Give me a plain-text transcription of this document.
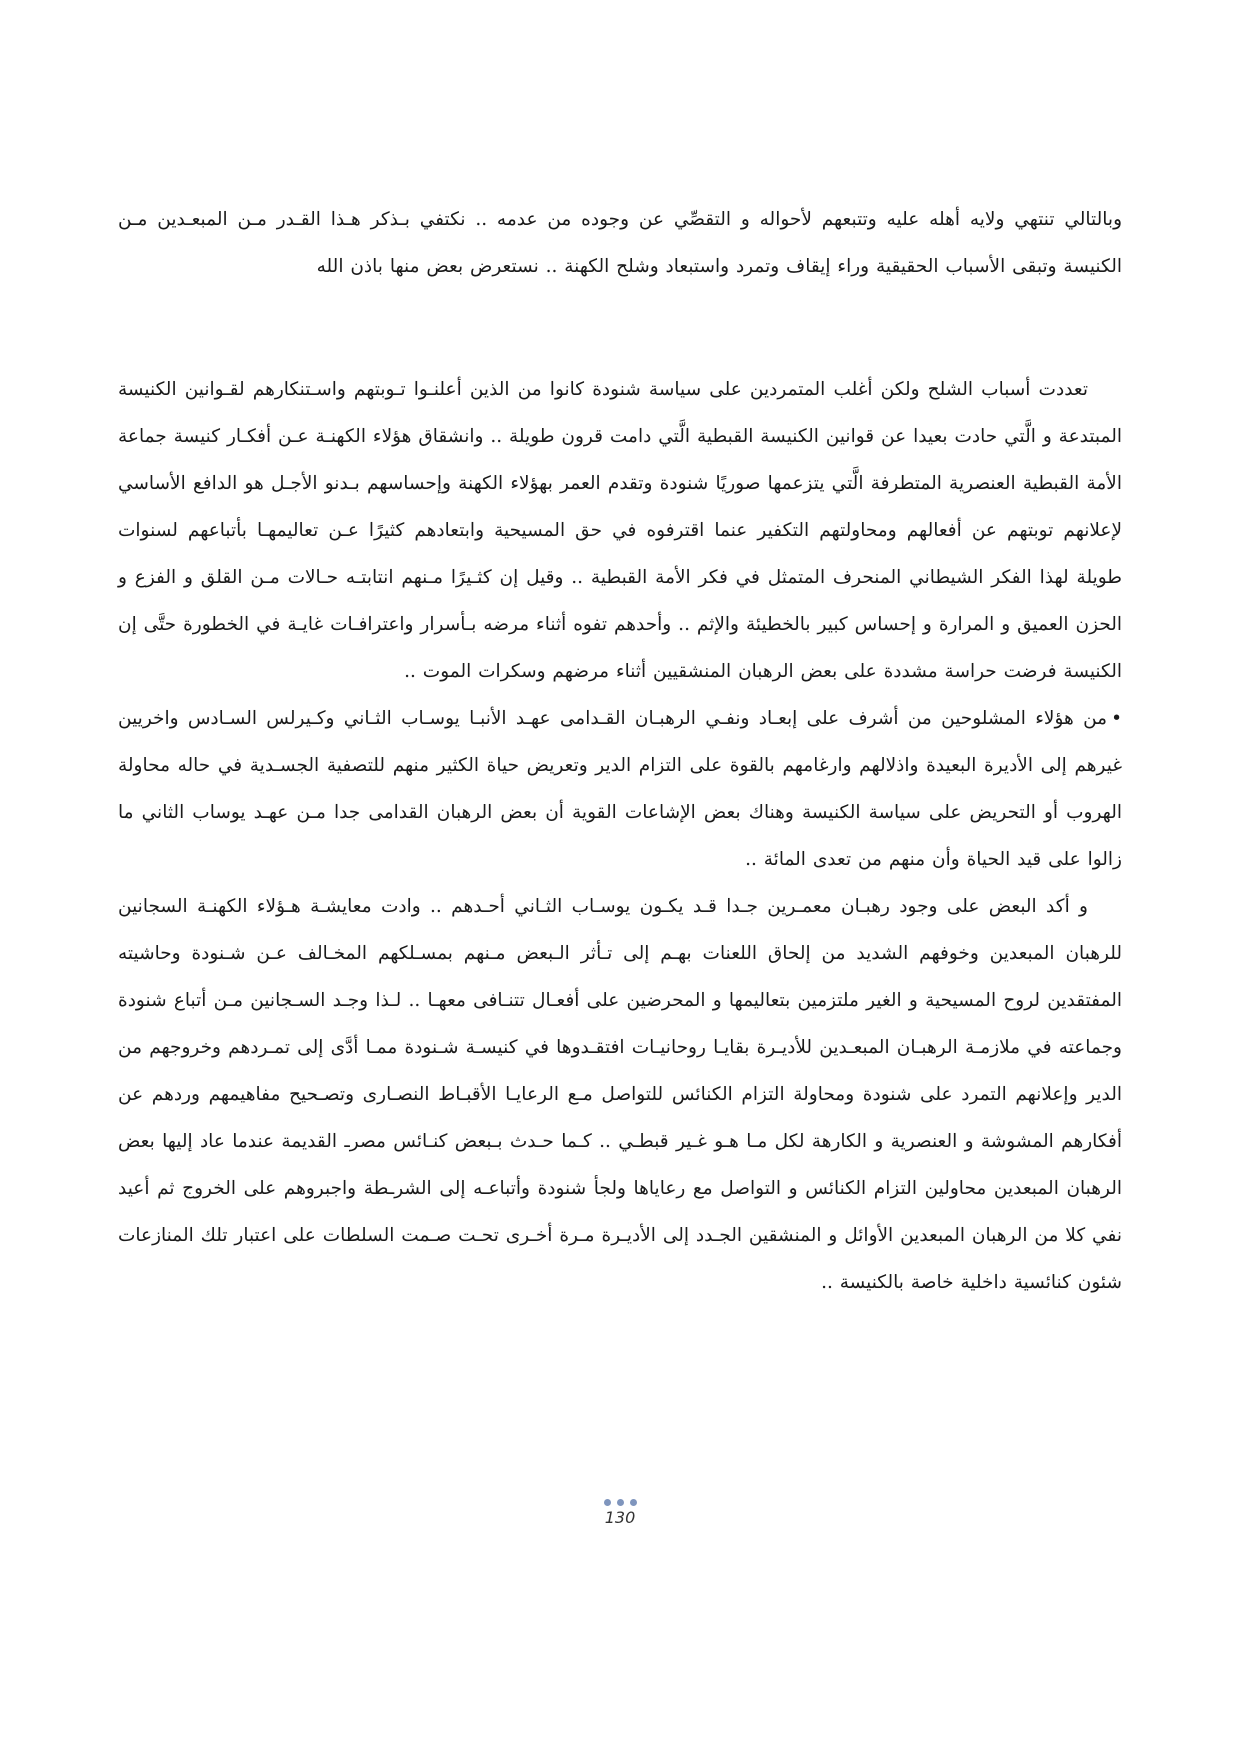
وبالتالي تنتهي ولايه أهله عليه وتتبعهم لأحواله و التقصِّي عن وجوده من عدمه .. نكتفي بـذكر هـذا القـدر مـن المبعـدين مـن الكنيسة وتبقى الأسباب الحقيقية وراء إيقاف وتمرد واستبعاد وشلح الكهنة .. نستعرض بعض منها باذن الله

تعددت أسباب الشلح ولكن أغلب المتمردين على سياسة شنودة كانوا من الذين أعلنـوا تـوبتهم واسـتنكارهم لقـوانين الكنيسة المبتدعة و الَّتي حادت بعيدا عن قوانين الكنيسة القبطية الَّتي دامت قرون طويلة .. وانشقاق هؤلاء الكهنـة عـن أفكـار كنيسة جماعة الأمة القبطية العنصرية المتطرفة الَّتي يتزعمها صوريًا شنودة وتقدم العمر بهؤلاء الكهنة وإحساسهم بـدنو الأجـل هو الدافع الأساسي لإعلانهم توبتهم عن أفعالهم ومحاولتهم التكفير عنما اقترفوه في حق المسيحية وابتعادهم كثيرًا عـن تعاليمهـا بأتباعهم لسنوات طويلة لهذا الفكر الشيطاني المنحرف المتمثل في فكر الأمة القبطية .. وقيل إن كثـيرًا مـنهم انتابتـه حـالات مـن القلق و الفزع و الحزن العميق و المرارة و إحساس كبير بالخطيئة والإثم .. وأحدهم تفوه أثناء مرضه بـأسرار واعترافـات غايـة في الخطورة حتَّى إن الكنيسة فرضت حراسة مشددة على بعض الرهبان المنشقيين أثناء مرضهم وسكرات الموت ..

•من هؤلاء المشلوحين من أشرف على إبعـاد ونفـي الرهبـان القـدامى عهـد الأنبـا يوسـاب الثـاني وكـيرلس السـادس واخريين غيرهم إلى الأديرة البعيدة واذلالهم وارغامهم بالقوة على التزام الدير وتعريض حياة الكثير منهم للتصفية الجسـدية في حاله محاولة الهروب أو التحريض على سياسة الكنيسة وهناك بعض الإشاعات القوية أن بعض الرهبان القدامى جدا مـن عهـد يوساب الثاني ما زالوا على قيد الحياة وأن منهم من تعدى المائة ..

و أكد البعض على وجود رهبـان معمـرين جـدا قـد يكـون يوسـاب الثـاني أحـدهم .. وادت معايشـة هـؤلاء الكهنـة السجانين للرهبان المبعدين وخوفهم الشديد من إلحاق اللعنات بهـم إلى تـأثر الـبعض مـنهم بمسـلكهم المخـالف عـن شـنودة وحاشيته المفتقدين لروح المسيحية و الغير ملتزمين بتعاليمها و المحرضين على أفعـال تتنـافى معهـا .. لـذا وجـد السـجانين مـن أتباع شنودة وجماعته في ملازمـة الرهبـان المبعـدين للأديـرة بقايـا روحانيـات افتقـدوها في كنيسـة شـنودة ممـا أدَّى إلى تمـردهم وخروجهم من الدير وإعلانهم التمرد على شنودة ومحاولة التزام الكنائس للتواصل مـع الرعايـا الأقبـاط النصـارى وتصـحيح مفاهيمهم وردهم عن أفكارهم المشوشة و العنصرية و الكارهة لكل مـا هـو غـير قبطـي .. كـما حـدث بـبعض كنـائس مصرـ القديمة عندما عاد إليها بعض الرهبان المبعدين محاولين التزام الكنائس و التواصل مع رعاياها ولجأ شنودة وأتباعـه إلى الشرـطة واجبروهم على الخروج ثم أعيد نفي كلا من الرهبان المبعدين الأوائل و المنشقين الجـدد إلى الأديـرة مـرة أخـرى تحـت صـمت السلطات على اعتبار تلك المنازعات شئون كنائسية داخلية خاصة بالكنيسة ..

130
